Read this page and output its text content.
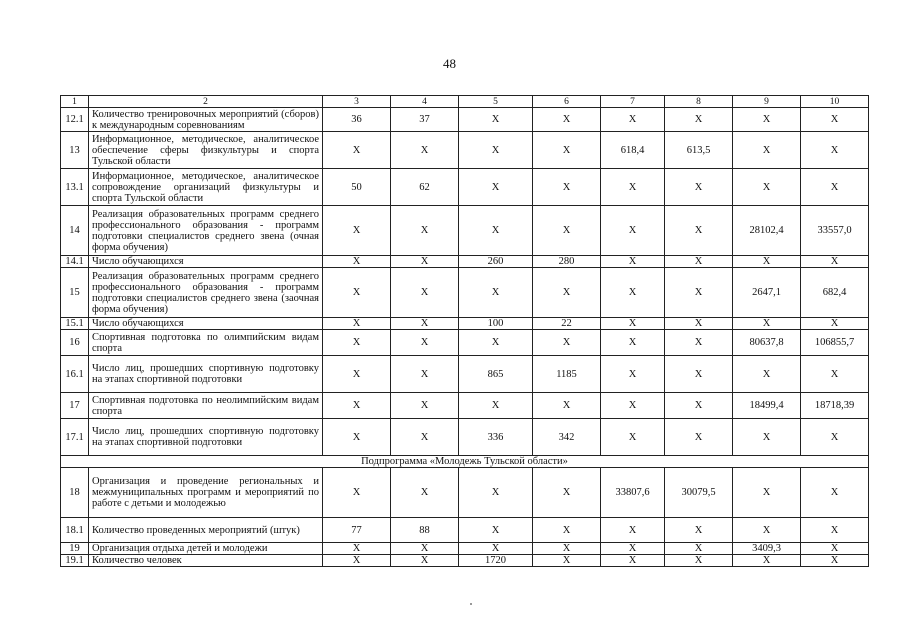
48
1	2	3	4	5	6	7	8	9	10
12.1	Количество тренировочных мероприятий (сборов) к международным соревнованиям	36	37	Х	Х	Х	Х	Х	Х
13	Информационное, методическое, аналитическое обеспечение сферы физкультуры и спорта Тульской области	Х	Х	Х	Х	618,4	613,5	Х	Х
13.1	Информационное, методическое, аналитическое сопровождение организаций физкультуры и спорта Тульской области	50	62	Х	Х	Х	Х	Х	Х
14	Реализация образовательных программ среднего профессионального образования - программ подготовки специалистов среднего звена (очная форма обучения)	Х	Х	Х	Х	Х	Х	28102,4	33557,0
14.1	Число обучающихся	Х	Х	260	280	Х	Х	Х	Х
15	Реализация образовательных программ среднего профессионального образования - программ подготовки специалистов среднего звена (заочная форма обучения)	Х	Х	Х	Х	Х	Х	2647,1	682,4
15.1	Число обучающихся	Х	Х	100	22	Х	Х	Х	Х
16	Спортивная подготовка по олимпийским видам спорта	Х	Х	Х	Х	Х	Х	80637,8	106855,7
16.1	Число лиц, прошедших спортивную подготовку на этапах спортивной подготовки	Х	Х	865	1185	Х	Х	Х	Х
17	Спортивная подготовка по неолимпийским видам спорта	Х	Х	Х	Х	Х	Х	18499,4	18718,39
17.1	Число лиц, прошедших спортивную подготовку на этапах спортивной подготовки	Х	Х	336	342	Х	Х	Х	Х
Подпрограмма «Молодежь Тульской области»									
18	Организация и проведение региональных и межмуниципальных программ и мероприятий по работе с детьми и молодежью	Х	Х	Х	Х	33807,6	30079,5	Х	Х
18.1	Количество проведенных мероприятий (штук)	77	88	Х	Х	Х	Х	Х	Х
19	Организация отдыха детей и молодежи	Х	Х	Х	Х	Х	Х	3409,3	Х
19.1	Количество человек	Х	Х	1720	Х	Х	Х	Х	Х
